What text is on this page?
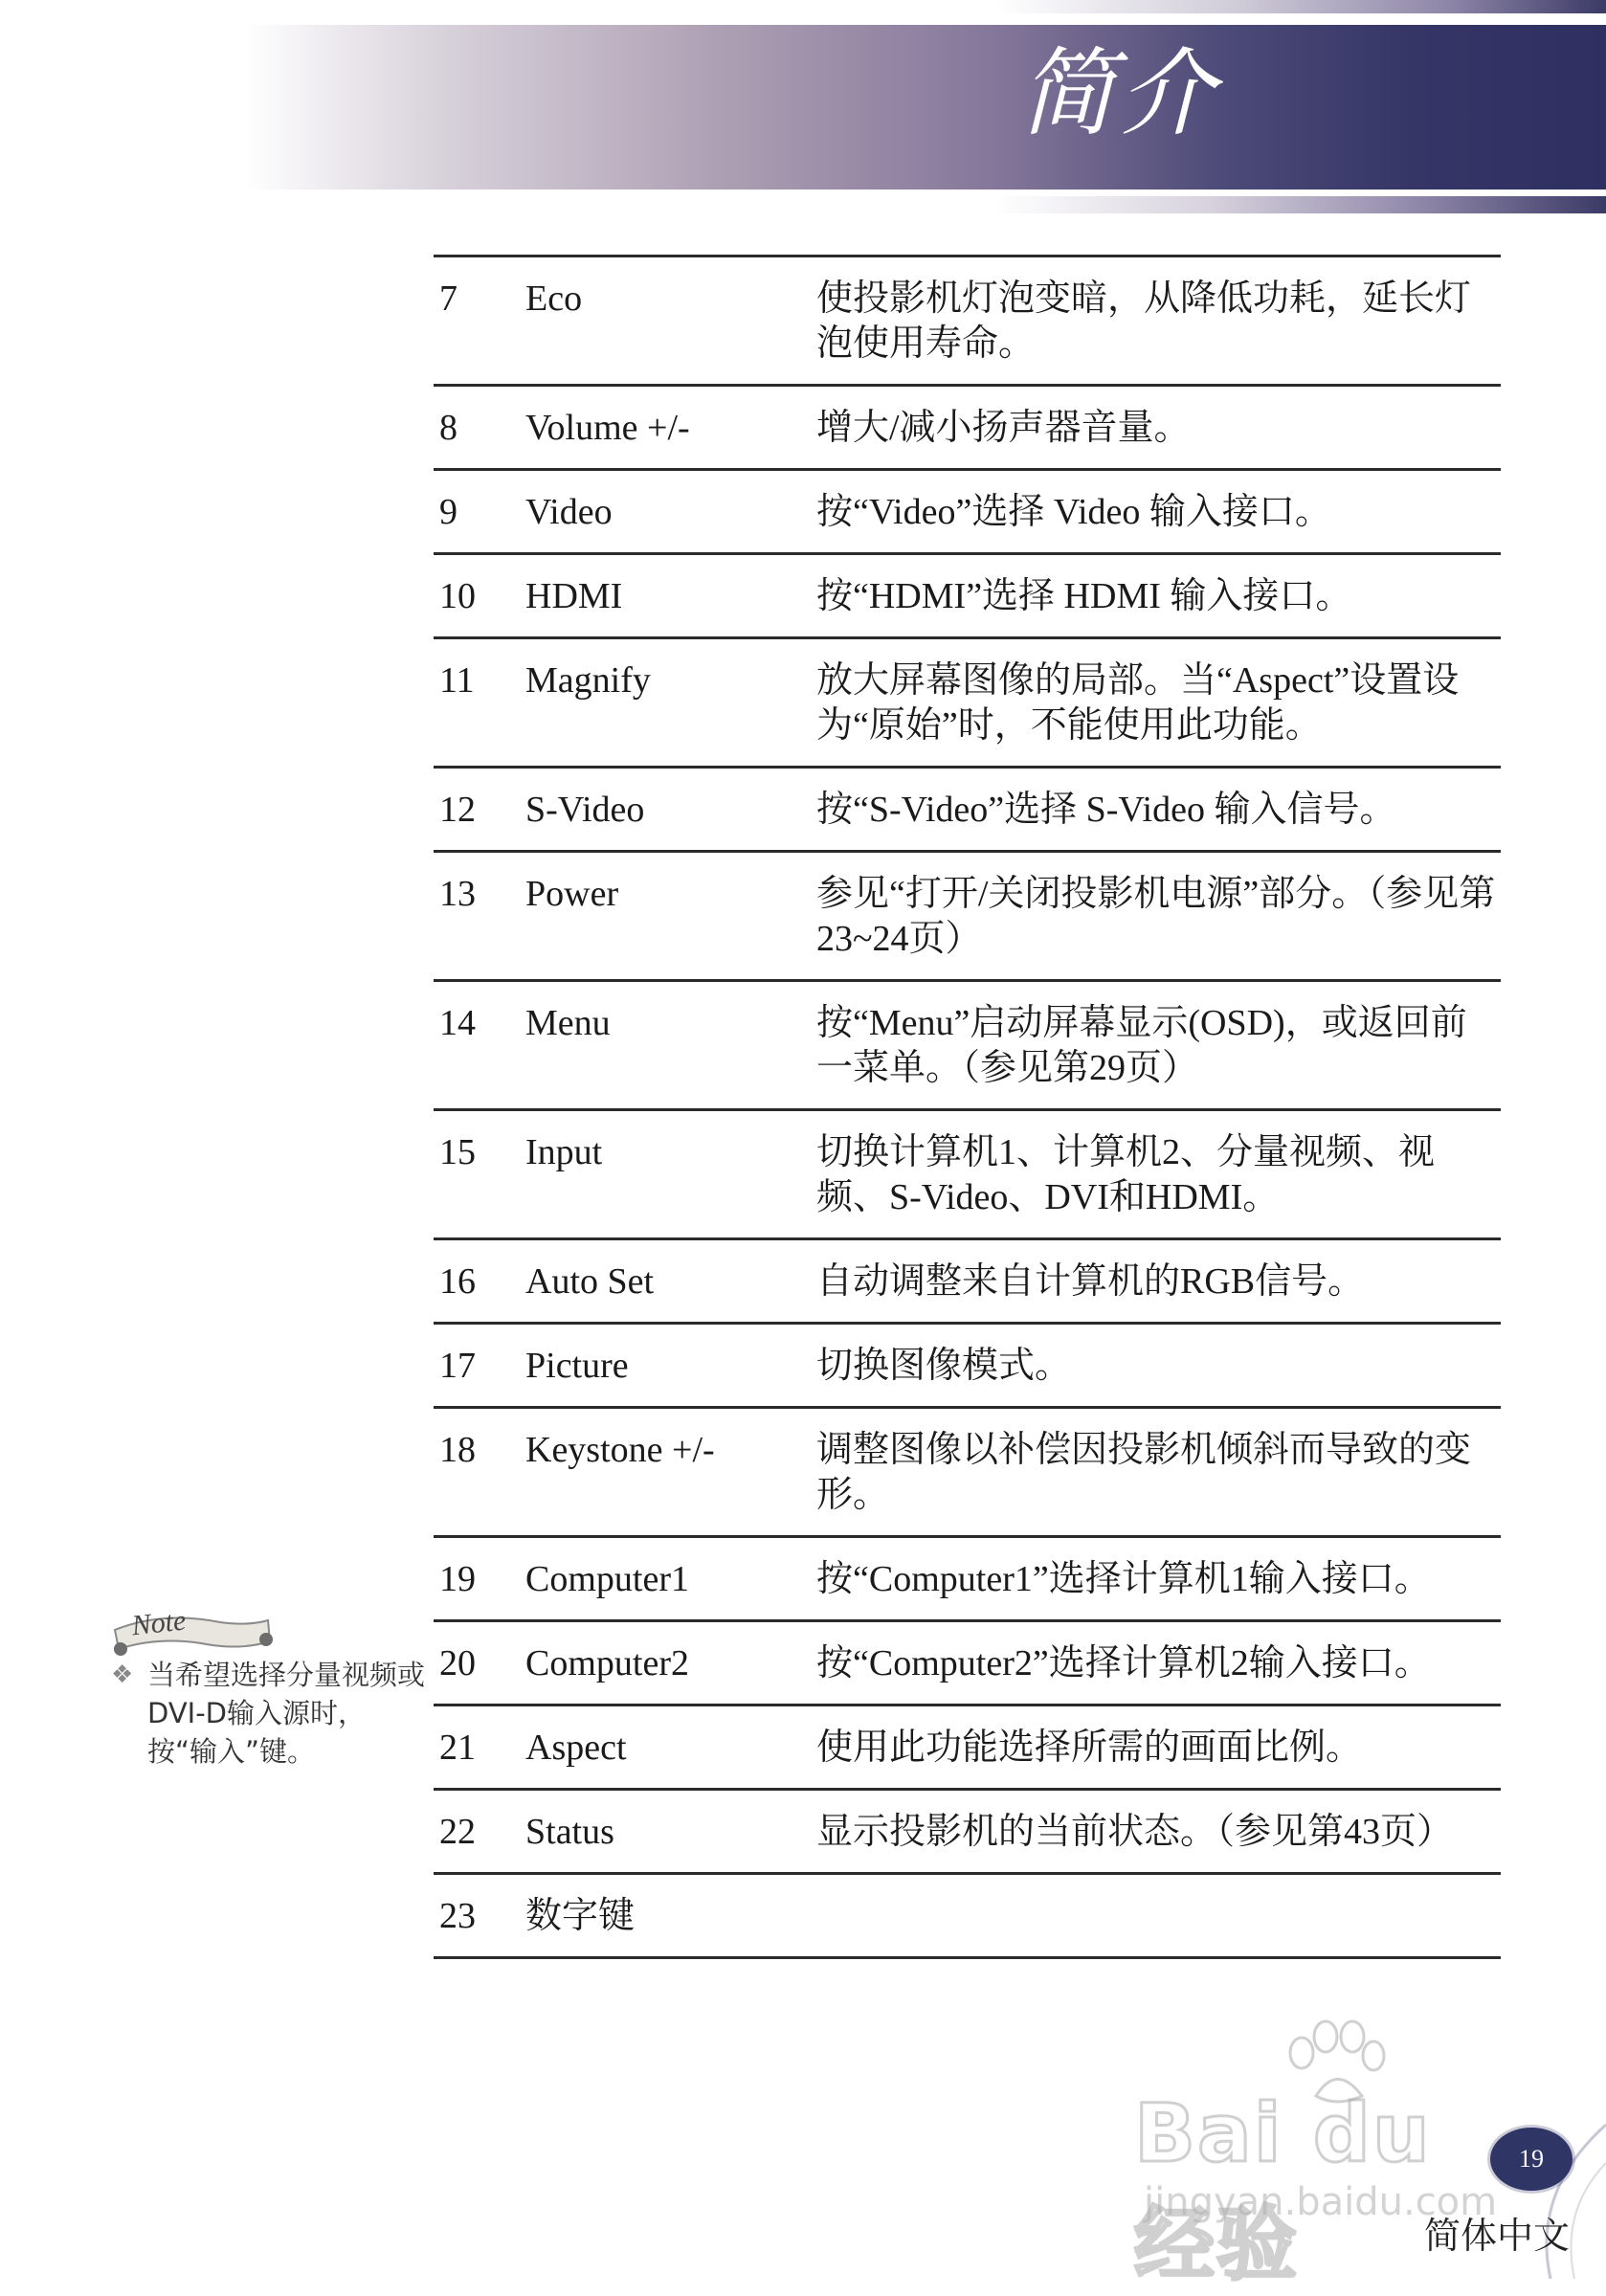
简介
7	Eco	使投影机灯泡变暗，从降低功耗，延长灯泡使用寿命。
8	Volume +/-	增大/减小扬声器音量。
9	Video	按“Video”选择 Video 输入接口。
10	HDMI	按“HDMI”选择 HDMI 输入接口。
11	Magnify	放大屏幕图像的局部。当“Aspect”设置设为“原始”时，不能使用此功能。
12	S-Video	按“S-Video”选择 S-Video 输入信号。
13	Power	参见“打开/关闭投影机电源”部分。（参见第 23~24页）
14	Menu	按“Menu”启动屏幕显示(OSD)，或返回前一菜单。（参见第29页）
15	Input	切换计算机1、计算机2、分量视频、视频、S-Video、DVI和HDMI。
16	Auto Set	自动调整来自计算机的RGB信号。
17	Picture	切换图像模式。
18	Keystone +/-	调整图像以补偿因投影机倾斜而导致的变形。
19	Computer1	按“Computer1”选择计算机1输入接口。
20	Computer2	按“Computer2”选择计算机2输入接口。
21	Aspect	使用此功能选择所需的画面比例。
22	Status	显示投影机的当前状态。（参见第43页）
23	数字键	
Note
❖ 当希望选择分量视频或DVI-D输入源时，按“输入”键。
Bai du 经验
jingyan.baidu.com
19
简体中文
